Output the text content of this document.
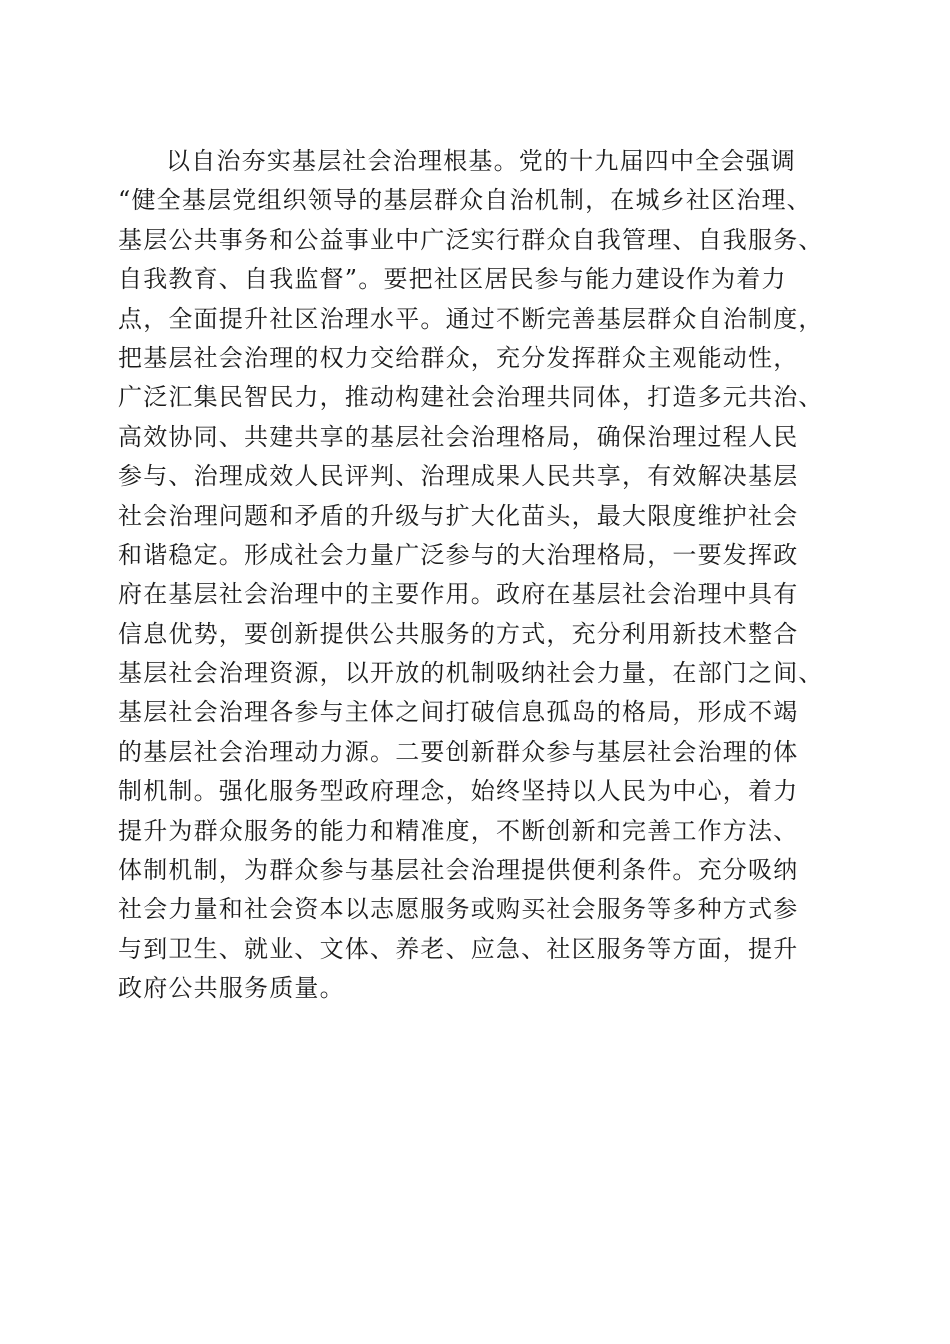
以自治夯实基层社会治理根基。党的十九届四中全会强调
“健全基层党组织领导的基层群众自治机制，在城乡社区治理、
基层公共事务和公益事业中广泛实行群众自我管理、自我服务、
自我教育、自我监督”。要把社区居民参与能力建设作为着力
点，全面提升社区治理水平。通过不断完善基层群众自治制度，
把基层社会治理的权力交给群众，充分发挥群众主观能动性，
广泛汇集民智民力，推动构建社会治理共同体，打造多元共治、
高效协同、共建共享的基层社会治理格局，确保治理过程人民
参与、治理成效人民评判、治理成果人民共享，有效解决基层
社会治理问题和矛盾的升级与扩大化苗头，最大限度维护社会
和谐稳定。形成社会力量广泛参与的大治理格局，一要发挥政
府在基层社会治理中的主要作用。政府在基层社会治理中具有
信息优势，要创新提供公共服务的方式，充分利用新技术整合
基层社会治理资源，以开放的机制吸纳社会力量，在部门之间、
基层社会治理各参与主体之间打破信息孤岛的格局，形成不竭
的基层社会治理动力源。二要创新群众参与基层社会治理的体
制机制。强化服务型政府理念，始终坚持以人民为中心，着力
提升为群众服务的能力和精准度，不断创新和完善工作方法、
体制机制，为群众参与基层社会治理提供便利条件。充分吸纳
社会力量和社会资本以志愿服务或购买社会服务等多种方式参
与到卫生、就业、文体、养老、应急、社区服务等方面，提升
政府公共服务质量。
